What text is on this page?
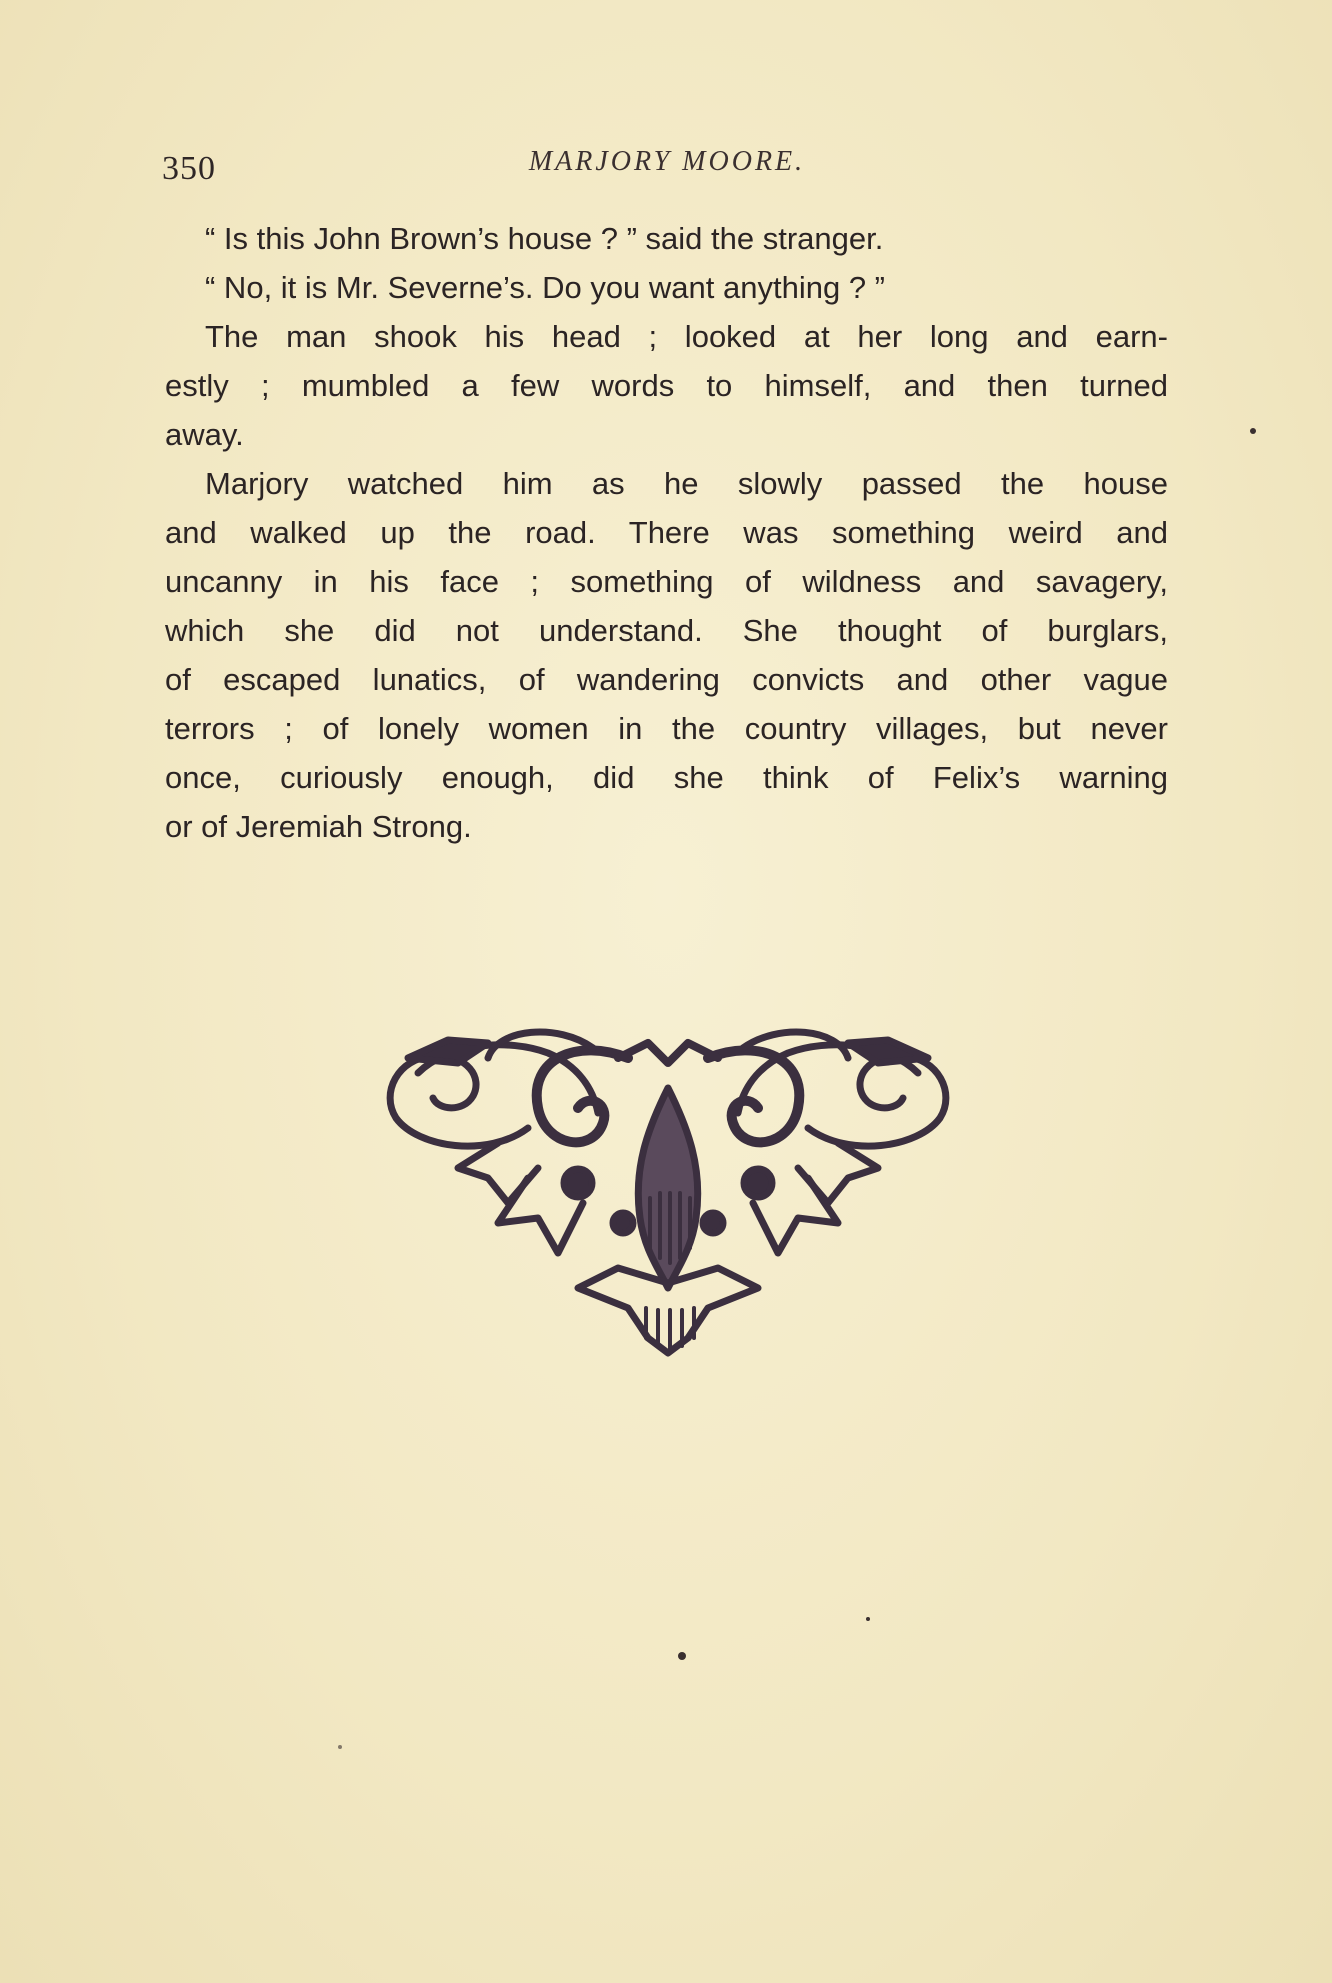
350	MARJORY MOORE.
“ Is this John Brown’s house ? ” said the stranger.
“ No, it is Mr. Severne’s. Do you want anything ? ”
The man shook his head ; looked at her long and earn-
estly ; mumbled a few words to himself, and then turned
away.
Marjory watched him as he slowly passed the house
and walked up the road. There was something weird and
uncanny in his face ; something of wildness and savagery,
which she did not understand. She thought of burglars,
of escaped lunatics, of wandering convicts and other vague
terrors ; of lonely women in the country villages, but never
once, curiously enough, did she think of Felix’s warning
or of Jeremiah Strong.
